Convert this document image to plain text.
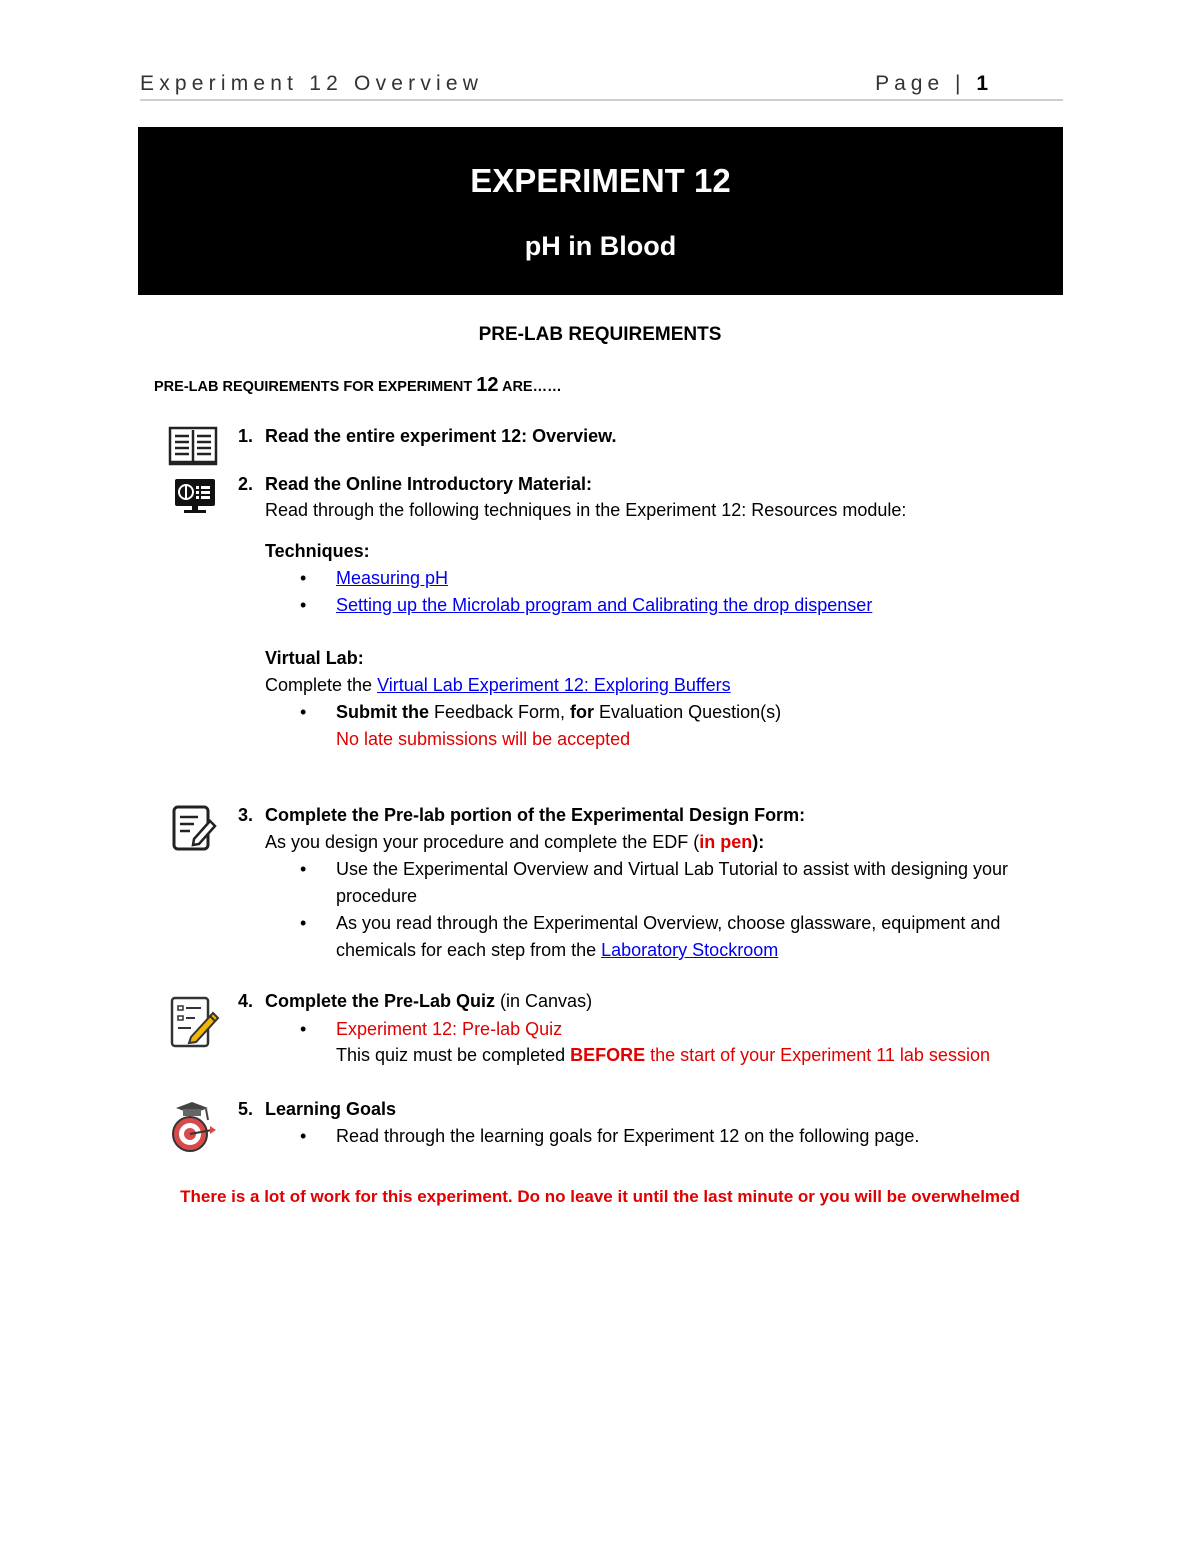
Experiment 12 Overview	Page | 1
EXPERIMENT 12
pH in Blood
PRE-LAB REQUIREMENTS
PRE-LAB REQUIREMENTS FOR EXPERIMENT 12 ARE……
1. Read the entire experiment 12: Overview.
2. Read the Online Introductory Material:
Read through the following techniques in the Experiment 12: Resources module:
Techniques:
• Measuring pH
• Setting up the Microlab program and Calibrating the drop dispenser
Virtual Lab:
Complete the Virtual Lab Experiment 12: Exploring Buffers
• Submit the Feedback Form, for Evaluation Question(s)
No late submissions will be accepted
3. Complete the Pre-lab portion of the Experimental Design Form:
As you design your procedure and complete the EDF (in pen):
• Use the Experimental Overview and Virtual Lab Tutorial to assist with designing your
procedure
• As you read through the Experimental Overview, choose glassware, equipment and
chemicals for each step from the Laboratory Stockroom
4. Complete the Pre-Lab Quiz (in Canvas)
• Experiment 12: Pre-lab Quiz
This quiz must be completed BEFORE the start of your Experiment 11 lab session
5. Learning Goals
• Read through the learning goals for Experiment 12 on the following page.
There is a lot of work for this experiment. Do no leave it until the last minute or you will be overwhelmed
